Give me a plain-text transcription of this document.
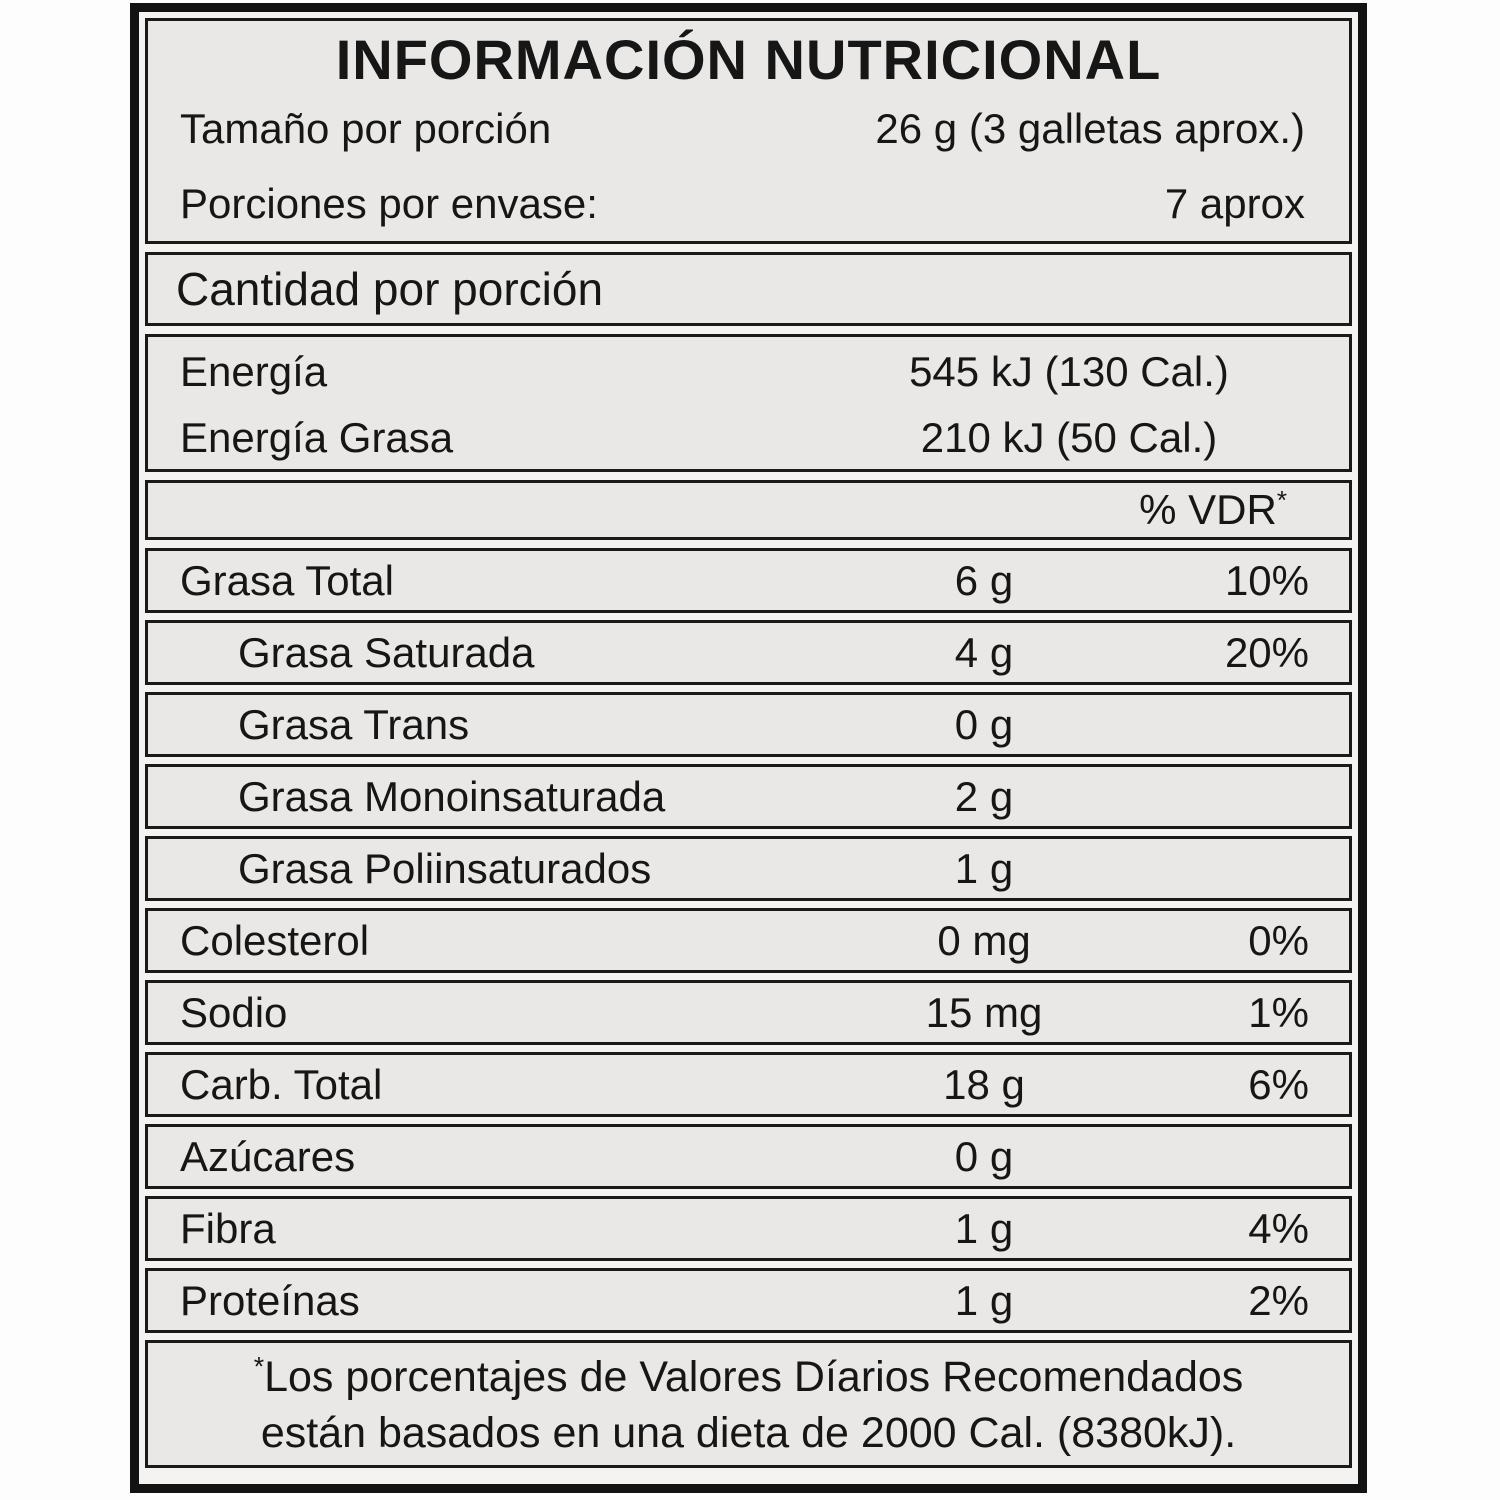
INFORMACIÓN NUTRICIONAL
Tamaño por porción	26 g (3 galletas aprox.)
Porciones por envase:	7 aprox
Cantidad por porción
Energía	545 kJ (130 Cal.)
Energía Grasa	210 kJ (50 Cal.)
% VDR*
Grasa Total	6 g	10%
Grasa Saturada	4 g	20%
Grasa Trans	0 g
Grasa Monoinsaturada	2 g
Grasa Poliinsaturados	1 g
Colesterol	0 mg	0%
Sodio	15 mg	1%
Carb. Total	18 g	6%
Azúcares	0 g
Fibra	1 g	4%
Proteínas	1 g	2%
*Los porcentajes de Valores Díarios Recomendados
están basados en una dieta de 2000 Cal. (8380kJ).
